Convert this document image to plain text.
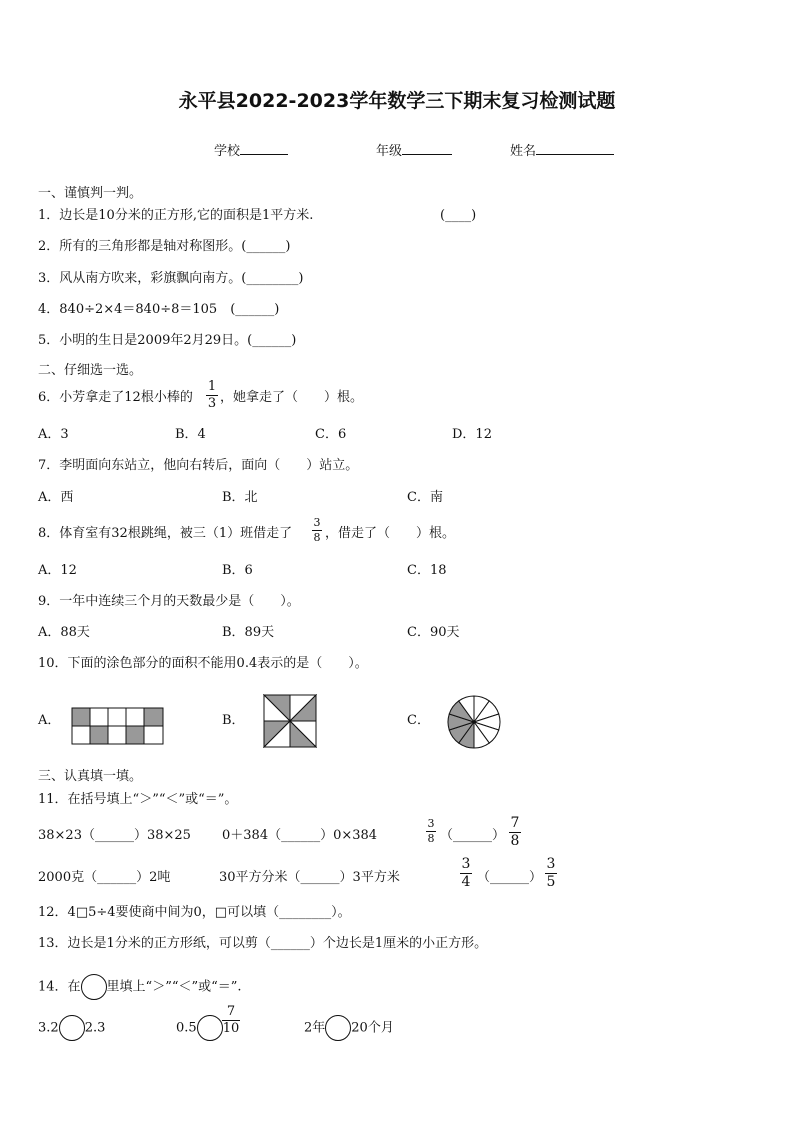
永平县2022-2023学年数学三下期末复习检测试题
学校	年级	姓名
一、谨慎判一判。
1．边长是10分米的正方形,它的面积是1平方米.	(____)
2．所有的三角形都是轴对称图形。(______)
3．风从南方吹来，彩旗飘向南方。(________)
4．840÷2×4＝840÷8＝105　(______)
5．小明的生日是2009年2月29日。(______)
二、仔细选一选。
6．小芳拿走了12根小棒的
1
3 ，她拿走了（　　）根。
A．3	B．4	C．6	D．12
7．李明面向东站立，他向右转后，面向（　　）站立。
A．西	B．北	C．南
8．体育室有32根跳绳，被三（1）班借走了
3
8 ，借走了（　　）根。
A．12	B．6	C．18
9．一年中连续三个月的天数最少是（　　）。
A．88天	B．89天	C．90天
10．下面的涂色部分的面积不能用0.4表示的是（　　）。
A．	B．	C．
三、认真填一填。
11．在括号填上“＞”“＜”或“＝”。
38×23（______）38×25 0＋384（______）0×384
3
8 （______）
7
8
2000克（______）2吨	30平方分米（______）3平方米
3
4 （______）
3
5
12．4□5÷4要使商中间为0，□可以填（________）。
13．边长是1分米的正方形纸，可以剪（______）个边长是1厘米的小正方形。
14．在 里填上“＞”“＜”或“＝”.
3.2 2.3	0.5
7
10	2年 20个月
